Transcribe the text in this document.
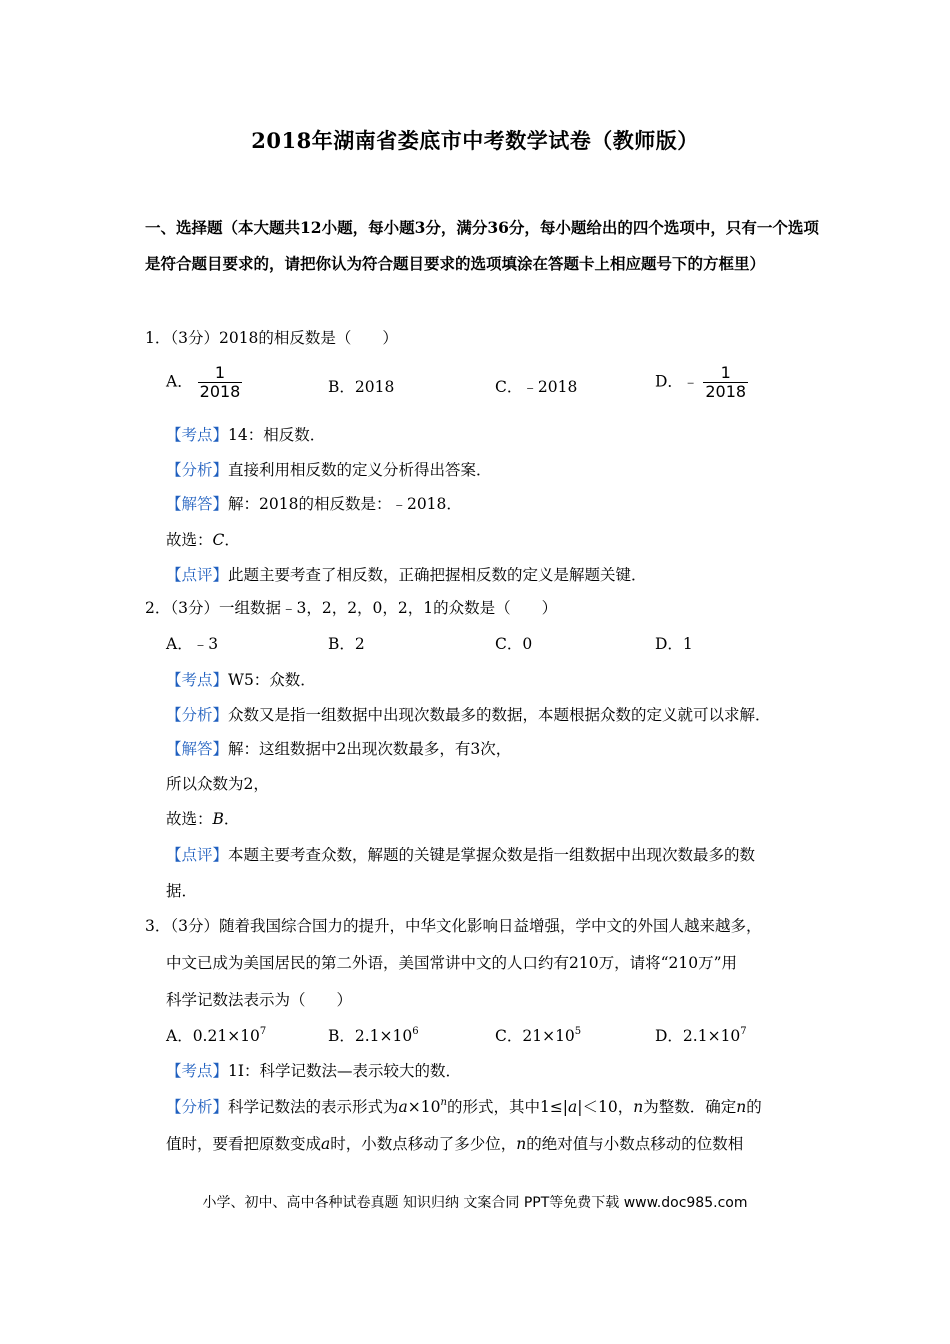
2018年湖南省娄底市中考数学试卷（教师版）
一、选择题（本大题共12小题，每小题3分，满分36分，每小题给出的四个选项中，只有一个选项是符合题目要求的，请把你认为符合题目要求的选项填涂在答题卡上相应题号下的方框里）
1．（3分）2018的相反数是（　　）
A． $\frac{1}{2018}$	B．2018	C．﹣2018	D．﹣ $\frac{1}{2018}$
【考点】14：相反数．
【分析】直接利用相反数的定义分析得出答案．
【解答】解：2018的相反数是：﹣2018．
故选：C．
【点评】此题主要考查了相反数，正确把握相反数的定义是解题关键．
2．（3分）一组数据﹣3，2，2，0，2，1的众数是（　　）
A．﹣3	B．2	C．0	D．1
【考点】W5：众数．
【分析】众数又是指一组数据中出现次数最多的数据，本题根据众数的定义就可以求解．
【解答】解：这组数据中2出现次数最多，有3次，
所以众数为2，
故选：B．
【点评】本题主要考查众数，解题的关键是掌握众数是指一组数据中出现次数最多的数
据．
3．（3分）随着我国综合国力的提升，中华文化影响日益增强，学中文的外国人越来越多，
中文已成为美国居民的第二外语，美国常讲中文的人口约有210万，请将“210万”用
科学记数法表示为（　　）
A．$0.21\times 10^7$	B．$2.1\times 10^6$	C．$21\times 10^5$	D．$2.1\times 10^7$
【考点】1I：科学记数法—表示较大的数．
【分析】科学记数法的表示形式为$a\times 10^n$的形式，其中1≤|a|＜10，n为整数．确定n的
值时，要看把原数变成a时，小数点移动了多少位，n的绝对值与小数点移动的位数相
小学、初中、高中各种试卷真题 知识归纳 文案合同 PPT等免费下载 www.doc985.com
